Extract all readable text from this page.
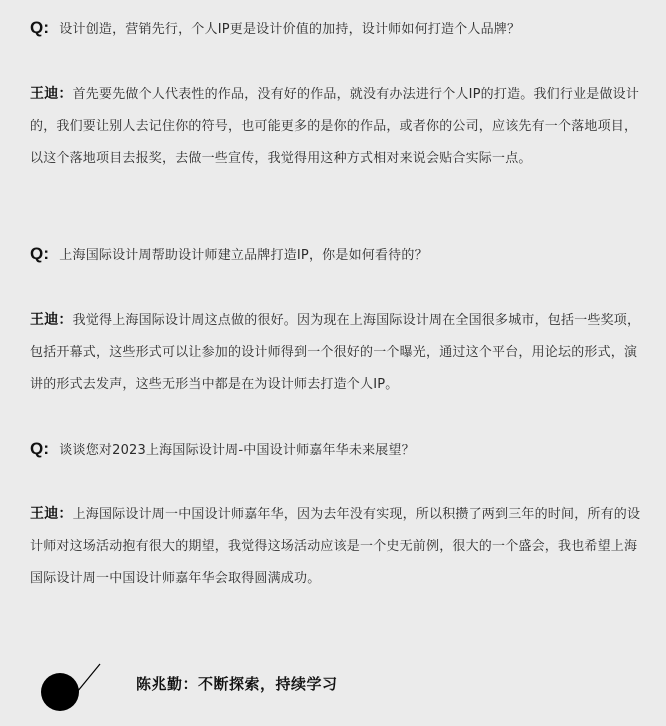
Q: 设计创造，营销先行，个人IP更是设计价值的加持，设计师如何打造个人品牌？
王迪：首先要先做个人代表性的作品，没有好的作品，就没有办法进行个人IP的打造。我们行业是做设计的，我们要让别人去记住你的符号，也可能更多的是你的作品，或者你的公司，应该先有一个落地项目，以这个落地项目去报奖，去做一些宣传，我觉得用这种方式相对来说会贴合实际一点。
Q: 上海国际设计周帮助设计师建立品牌打造IP，你是如何看待的？
王迪：我觉得上海国际设计周这点做的很好。因为现在上海国际设计周在全国很多城市，包括一些奖项，包括开幕式，这些形式可以让参加的设计师得到一个很好的一个曝光，通过这个平台，用论坛的形式，演讲的形式去发声，这些无形当中都是在为设计师去打造个人IP。
Q: 谈谈您对2023上海国际设计周-中国设计师嘉年华未来展望？
王迪：上海国际设计周一中国设计师嘉年华，因为去年没有实现，所以积攒了两到三年的时间，所有的设计师对这场活动抱有很大的期望，我觉得这场活动应该是一个史无前例，很大的一个盛会，我也希望上海国际设计周一中国设计师嘉年华会取得圆满成功。
陈兆勤：不断探索，持续学习
